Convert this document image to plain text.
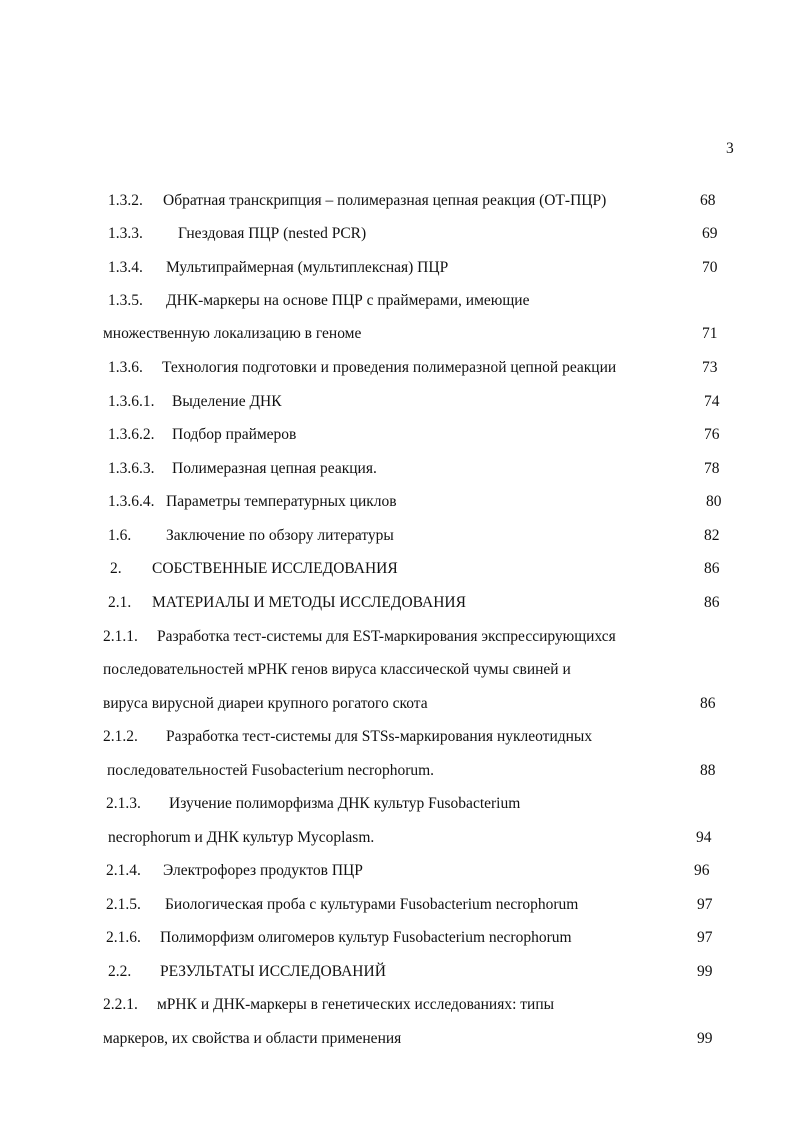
3
1.3.2. Обратная транскрипция – полимеразная цепная реакция (ОТ-ПЦР)	68
1.3.3. Гнездовая ПЦР (nested PCR)	69
1.3.4. Мультипраймерная (мультиплексная) ПЦР	70
1.3.5. ДНК-маркеры на основе ПЦР с праймерами, имеющие
множественную локализацию в геноме	71
1.3.6. Технология подготовки и проведения полимеразной цепной реакции	73
1.3.6.1. Выделение ДНК	74
1.3.6.2. Подбор праймеров	76
1.3.6.3. Полимеразная цепная реакция.	78
1.3.6.4. Параметры температурных циклов	80
1.6. Заключение по обзору литературы	82
2. СОБСТВЕННЫЕ ИССЛЕДОВАНИЯ	86
2.1. МАТЕРИАЛЫ И МЕТОДЫ ИССЛЕДОВАНИЯ	86
2.1.1. Разработка тест-системы для EST-маркирования экспрессирующихся
последовательностей мРНК генов вируса классической чумы свиней и
вируса вирусной диареи крупного рогатого скота	86
2.1.2. Разработка тест-системы для STSs-маркирования нуклеотидных
последовательностей Fusobacterium necrophorum.	88
2.1.3. Изучение полиморфизма ДНК культур Fusobacterium
necrophorum и ДНК культур Mycoplasm.	94
2.1.4. Электрофорез продуктов ПЦР	96
2.1.5. Биологическая проба с культурами Fusobacterium necrophorum	97
2.1.6. Полиморфизм олигомеров культур Fusobacterium necrophorum	97
2.2. РЕЗУЛЬТАТЫ ИССЛЕДОВАНИЙ	99
2.2.1. мРНК и ДНК-маркеры в генетических исследованиях: типы
маркеров, их свойства и области применения	99
